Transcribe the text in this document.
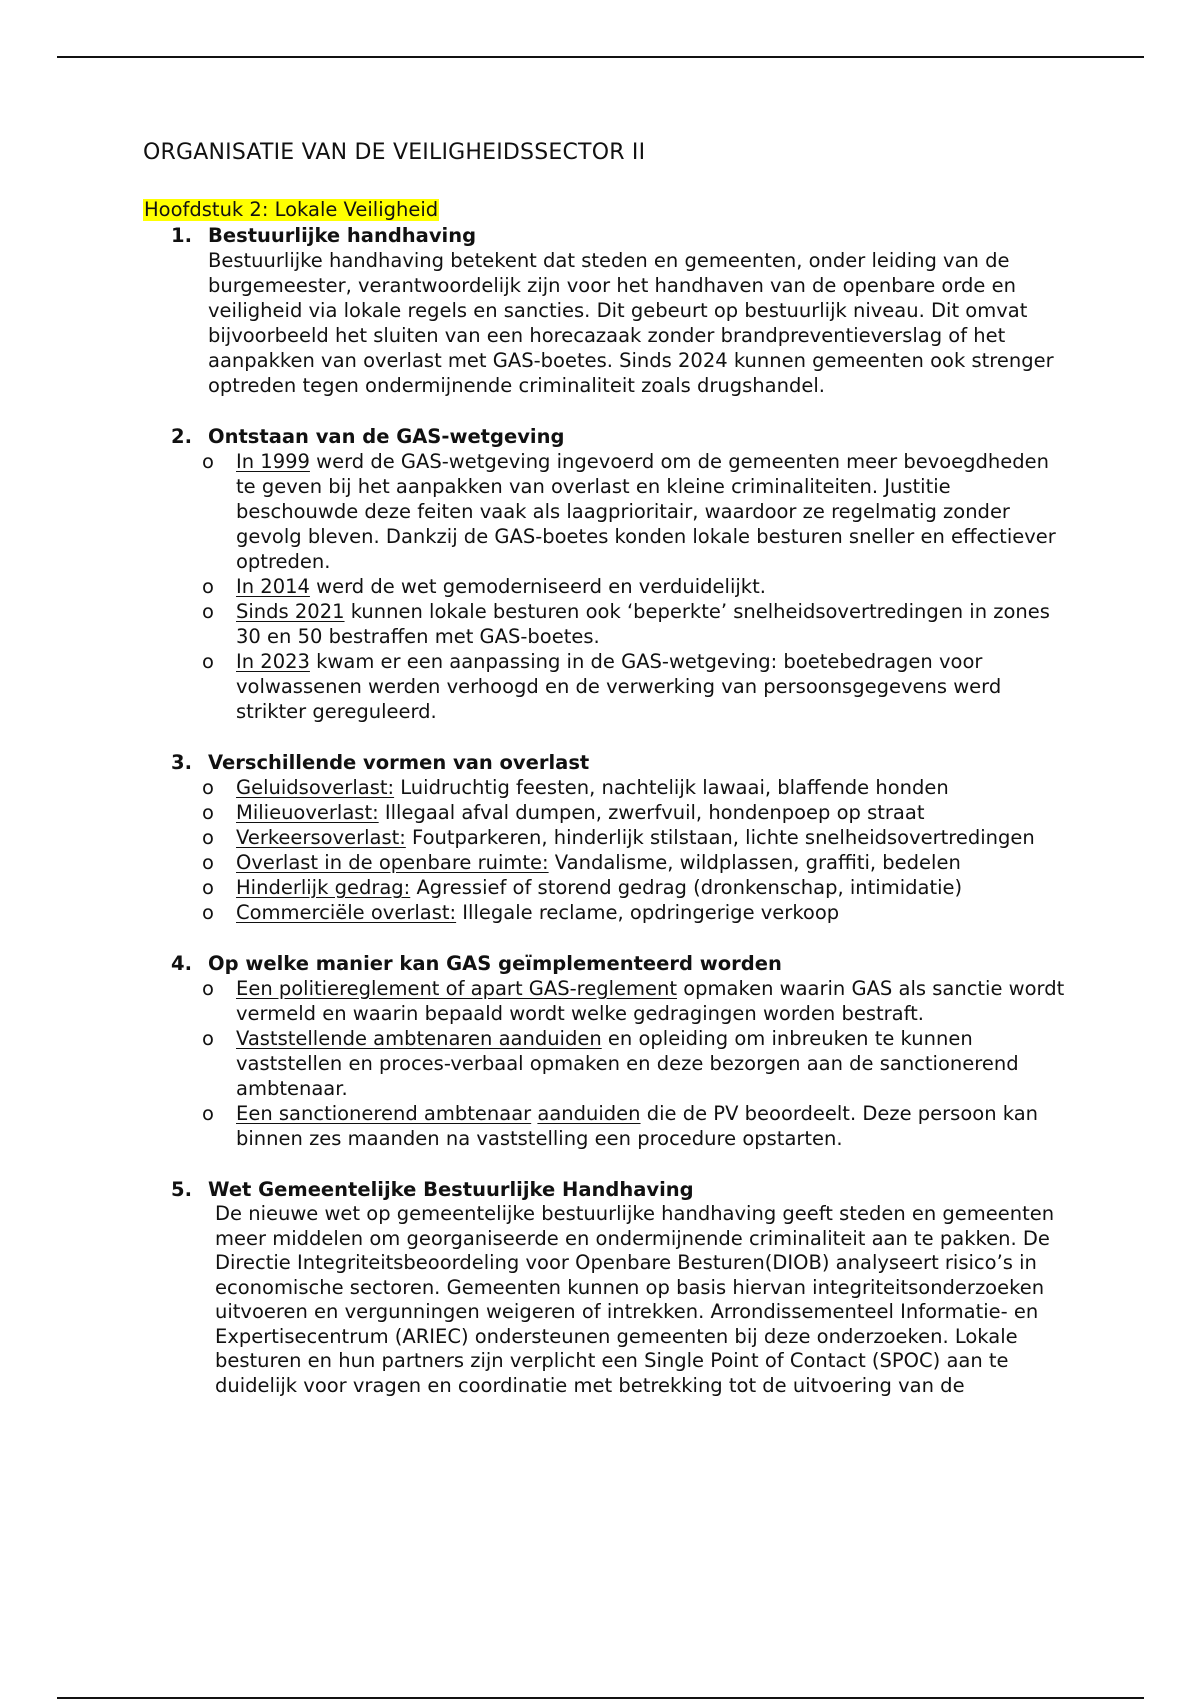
ORGANISATIE VAN DE VEILIGHEIDSSECTOR II
Hoofdstuk 2: Lokale Veiligheid
1. Bestuurlijke handhaving

Bestuurlijke handhaving betekent dat steden en gemeenten, onder leiding van de burgemeester, verantwoordelijk zijn voor het handhaven van de openbare orde en veiligheid via lokale regels en sancties. Dit gebeurt op bestuurlijk niveau. Dit omvat bijvoorbeeld het sluiten van een horecazaak zonder brandpreventieverslag of het aanpakken van overlast met GAS-boetes. Sinds 2024 kunnen gemeenten ook strenger optreden tegen ondermijnende criminaliteit zoals drugshandel.

2. Ontstaan van de GAS-wetgeving
o In 1999 werd de GAS-wetgeving ingevoerd om de gemeenten meer bevoegdheden te geven bij het aanpakken van overlast en kleine criminaliteiten. Justitie beschouwde deze feiten vaak als laagprioritair, waardoor ze regelmatig zonder gevolg bleven. Dankzij de GAS-boetes konden lokale besturen sneller en effectiever optreden.
o In 2014 werd de wet gemoderniseerd en verduidelijkt.
o Sinds 2021 kunnen lokale besturen ook ‘beperkte’ snelheidsovertredingen in zones 30 en 50 bestraffen met GAS-boetes.
o In 2023 kwam er een aanpassing in de GAS-wetgeving: boetebedragen voor volwassenen werden verhoogd en de verwerking van persoonsgegevens werd strikter gereguleerd.
3. Verschillende vormen van overlast
o Geluidsoverlast: Luidruchtig feesten, nachtelijk lawaai, blaffende honden
o Milieuoverlast: Illegaal afval dumpen, zwerfvuil, hondenpoep op straat
o Verkeersoverlast: Foutparkeren, hinderlijk stilstaan, lichte snelheidsovertredingen
o Overlast in de openbare ruimte: Vandalisme, wildplassen, graffiti, bedelen
o Hinderlijk gedrag: Agressief of storend gedrag (dronkenschap, intimidatie)
o Commerciële overlast: Illegale reclame, opdringerige verkoop
4. Op welke manier kan GAS geïmplementeerd worden
o Een politiereglement of apart GAS-reglement opmaken waarin GAS als sanctie wordt vermeld en waarin bepaald wordt welke gedragingen worden bestraft.
o Vaststellende ambtenaren aanduiden en opleiding om inbreuken te kunnen vaststellen en proces-verbaal opmaken en deze bezorgen aan de sanctionerend ambtenaar.
o Een sanctionerend ambtenaar aanduiden die de PV beoordeelt. Deze persoon kan binnen zes maanden na vaststelling een procedure opstarten.
5. Wet Gemeentelijke Bestuurlijke Handhaving

De nieuwe wet op gemeentelijke bestuurlijke handhaving geeft steden en gemeenten meer middelen om georganiseerde en ondermijnende criminaliteit aan te pakken. De Directie Integriteitsbeoordeling voor Openbare Besturen(DIOB) analyseert risico’s in economische sectoren. Gemeenten kunnen op basis hiervan integriteitsonderzoeken uitvoeren en vergunningen weigeren of intrekken. Arrondissementeel Informatie- en Expertisecentrum (ARIEC) ondersteunen gemeenten bij deze onderzoeken. Lokale besturen en hun partners zijn verplicht een Single Point of Contact (SPOC) aan te duidelijk voor vragen en coordinatie met betrekking tot de uitvoering van de
